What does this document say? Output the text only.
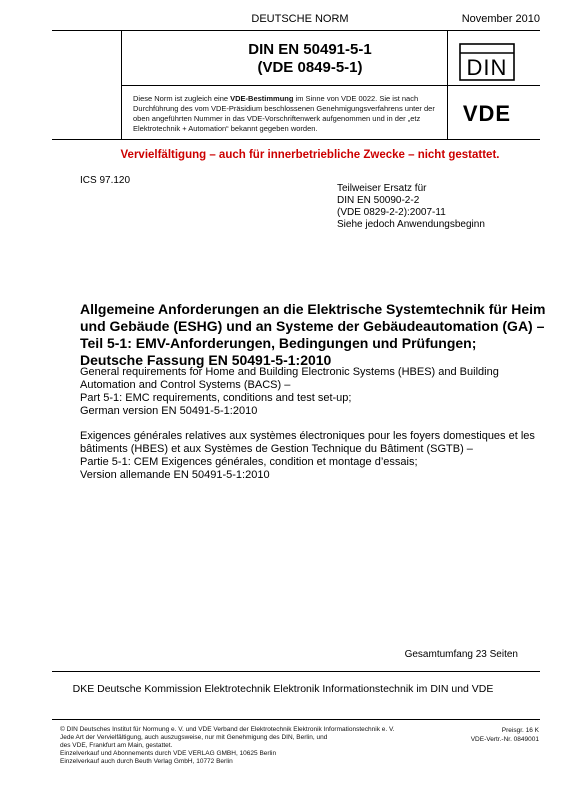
DEUTSCHE NORM	November 2010
DIN EN 50491-5-1
(VDE 0849-5-1)	DIN
Diese Norm ist zugleich eine VDE-Bestimmung im Sinne von VDE 0022. Sie ist nach Durchführung des vom VDE-Präsidium beschlossenen Genehmigungsverfahrens unter der oben angeführten Nummer in das VDE-Vorschriftenwerk aufgenommen und in der „etz Elektrotechnik + Automation“ bekannt gegeben worden.
VDE
Vervielfältigung – auch für innerbetriebliche Zwecke – nicht gestattet.
ICS 97.120
Teilweiser Ersatz für
DIN EN 50090-2-2
(VDE 0829-2-2):2007-11
Siehe jedoch Anwendungsbeginn
Allgemeine Anforderungen an die Elektrische Systemtechnik für Heim
und Gebäude (ESHG) und an Systeme der Gebäudeautomation (GA) –
Teil 5-1: EMV-Anforderungen, Bedingungen und Prüfungen;
Deutsche Fassung EN 50491-5-1:2010
General requirements for Home and Building Electronic Systems (HBES) and Building
Automation and Control Systems (BACS) –
Part 5-1: EMC requirements, conditions and test set-up;
German version EN 50491-5-1:2010
Exigences générales relatives aux systèmes électroniques pour les foyers domestiques et les
bâtiments (HBES) et aux Systèmes de Gestion Technique du Bâtiment (SGTB) –
Partie 5-1: CEM Exigences générales, condition et montage d’essais;
Version allemande EN 50491-5-1:2010
Gesamtumfang 23 Seiten
DKE Deutsche Kommission Elektrotechnik Elektronik Informationstechnik im DIN und VDE
© DIN Deutsches Institut für Normung e. V. und VDE Verband der Elektrotechnik Elektronik Informationstechnik e. V.
Jede Art der Vervielfältigung, auch auszugsweise, nur mit Genehmigung des DIN, Berlin, und
des VDE, Frankfurt am Main, gestattet.
Einzelverkauf und Abonnements durch VDE VERLAG GMBH, 10625 Berlin
Einzelverkauf auch durch Beuth Verlag GmbH, 10772 Berlin
Preisgr. 16 K
VDE-Vertr.-Nr. 0849001
